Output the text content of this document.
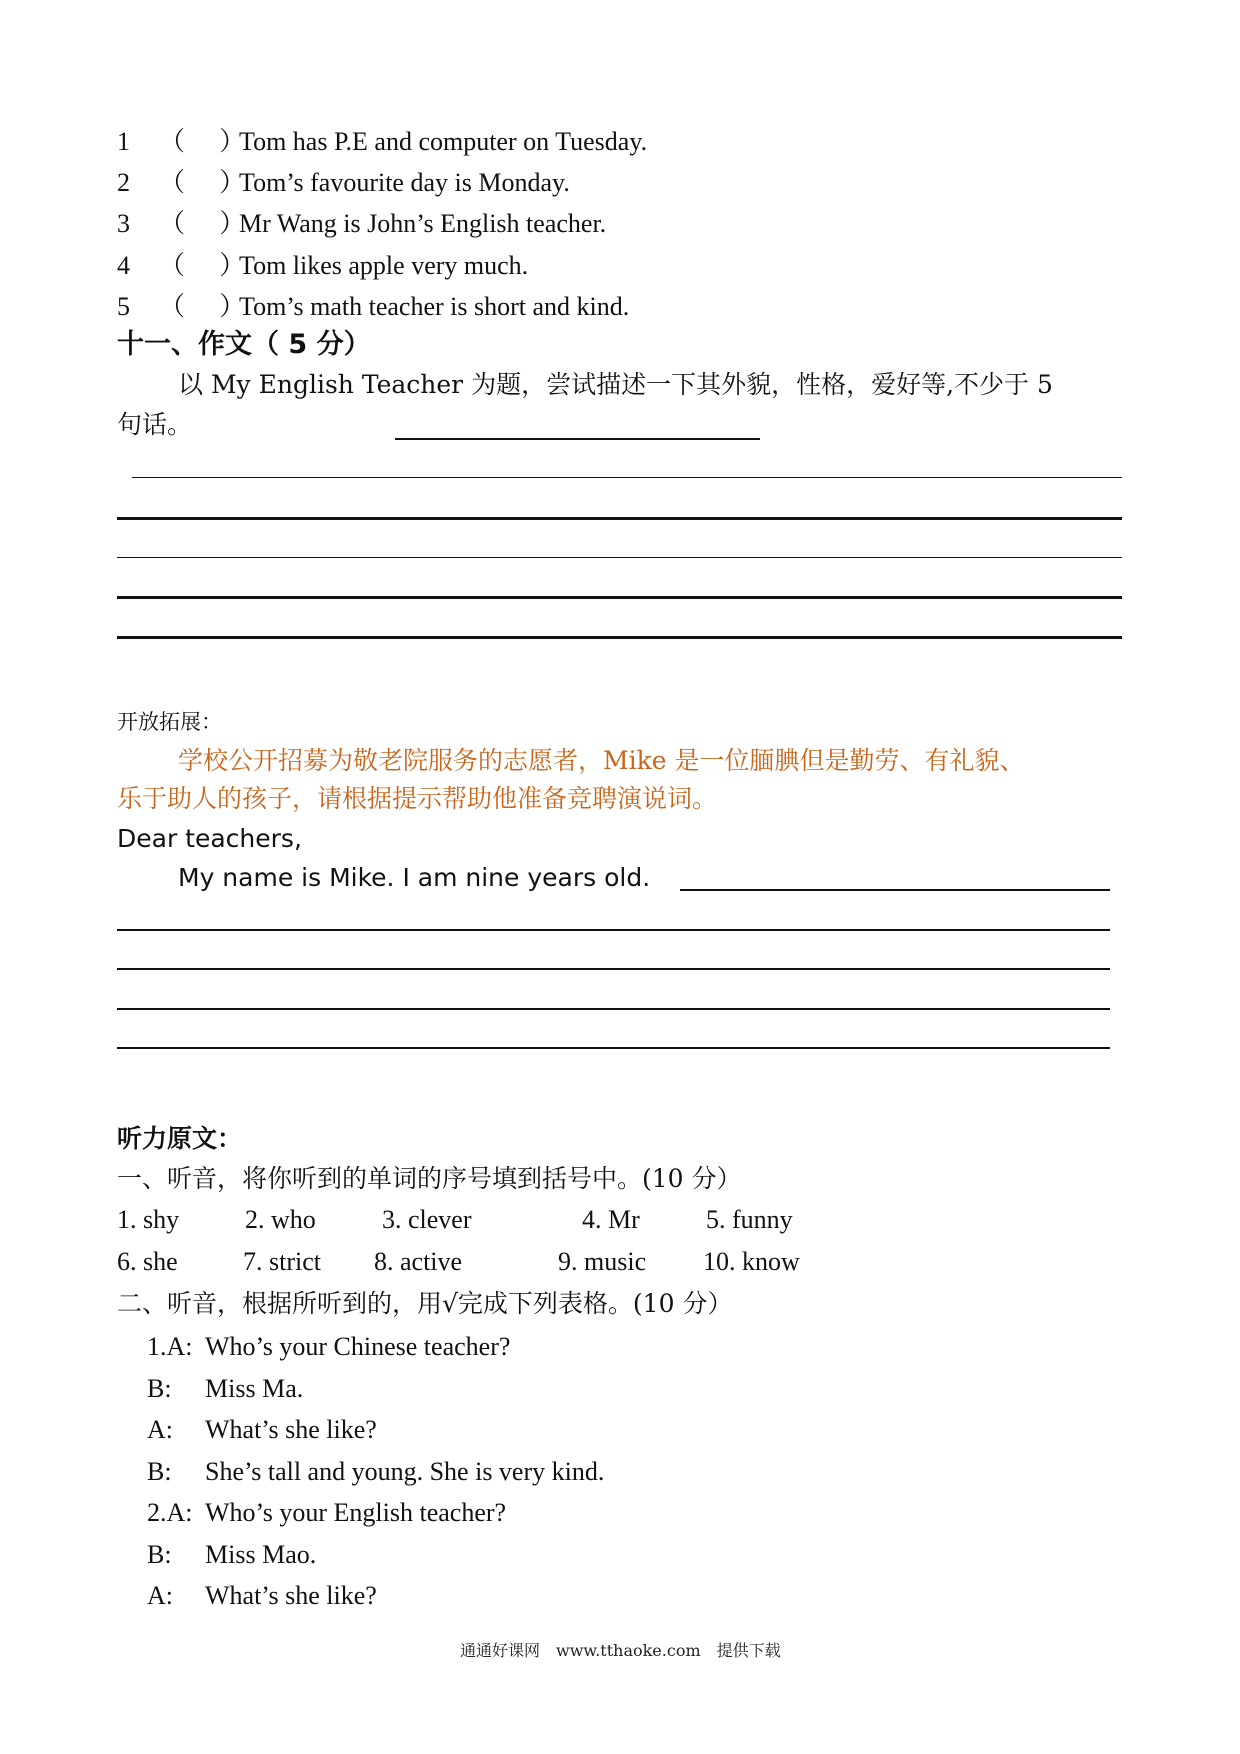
1 （　 ）Tom has P.E and computer on Tuesday.
2 （　 ）Tom’s favourite day is Monday.
3 （　 ）Mr Wang is John’s English teacher.
4 （　 ）Tom likes apple very much.
5 （　 ）Tom’s math teacher is short and kind.
十一、作文（ 5 分）
以 My English Teacher 为题，尝试描述一下其外貌，性格，爱好等,不少于 5
句话。
开放拓展：
学校公开招募为敬老院服务的志愿者，Mike 是一位腼腆但是勤劳、有礼貌、
乐于助人的孩子，请根据提示帮助他准备竞聘演说词。
Dear teachers,
My name is Mike. I am nine years old.
听力原文：
一、听音，将你听到的单词的序号填到括号中。(10 分）
1. shy	2. who	3. clever	4. Mr	5. funny
6. she	7. strict 8. active	9. music 10. know
二、听音，根据所听到的，用√完成下列表格。(10 分）
1.A: Who’s your Chinese teacher?
B: Miss Ma.
A: What’s she like?
B: She’s tall and young. She is very kind.
2.A: Who’s your English teacher?
B: Miss Mao.
A: What’s she like?
通通好课网　www.tthaoke.com　提供下载
